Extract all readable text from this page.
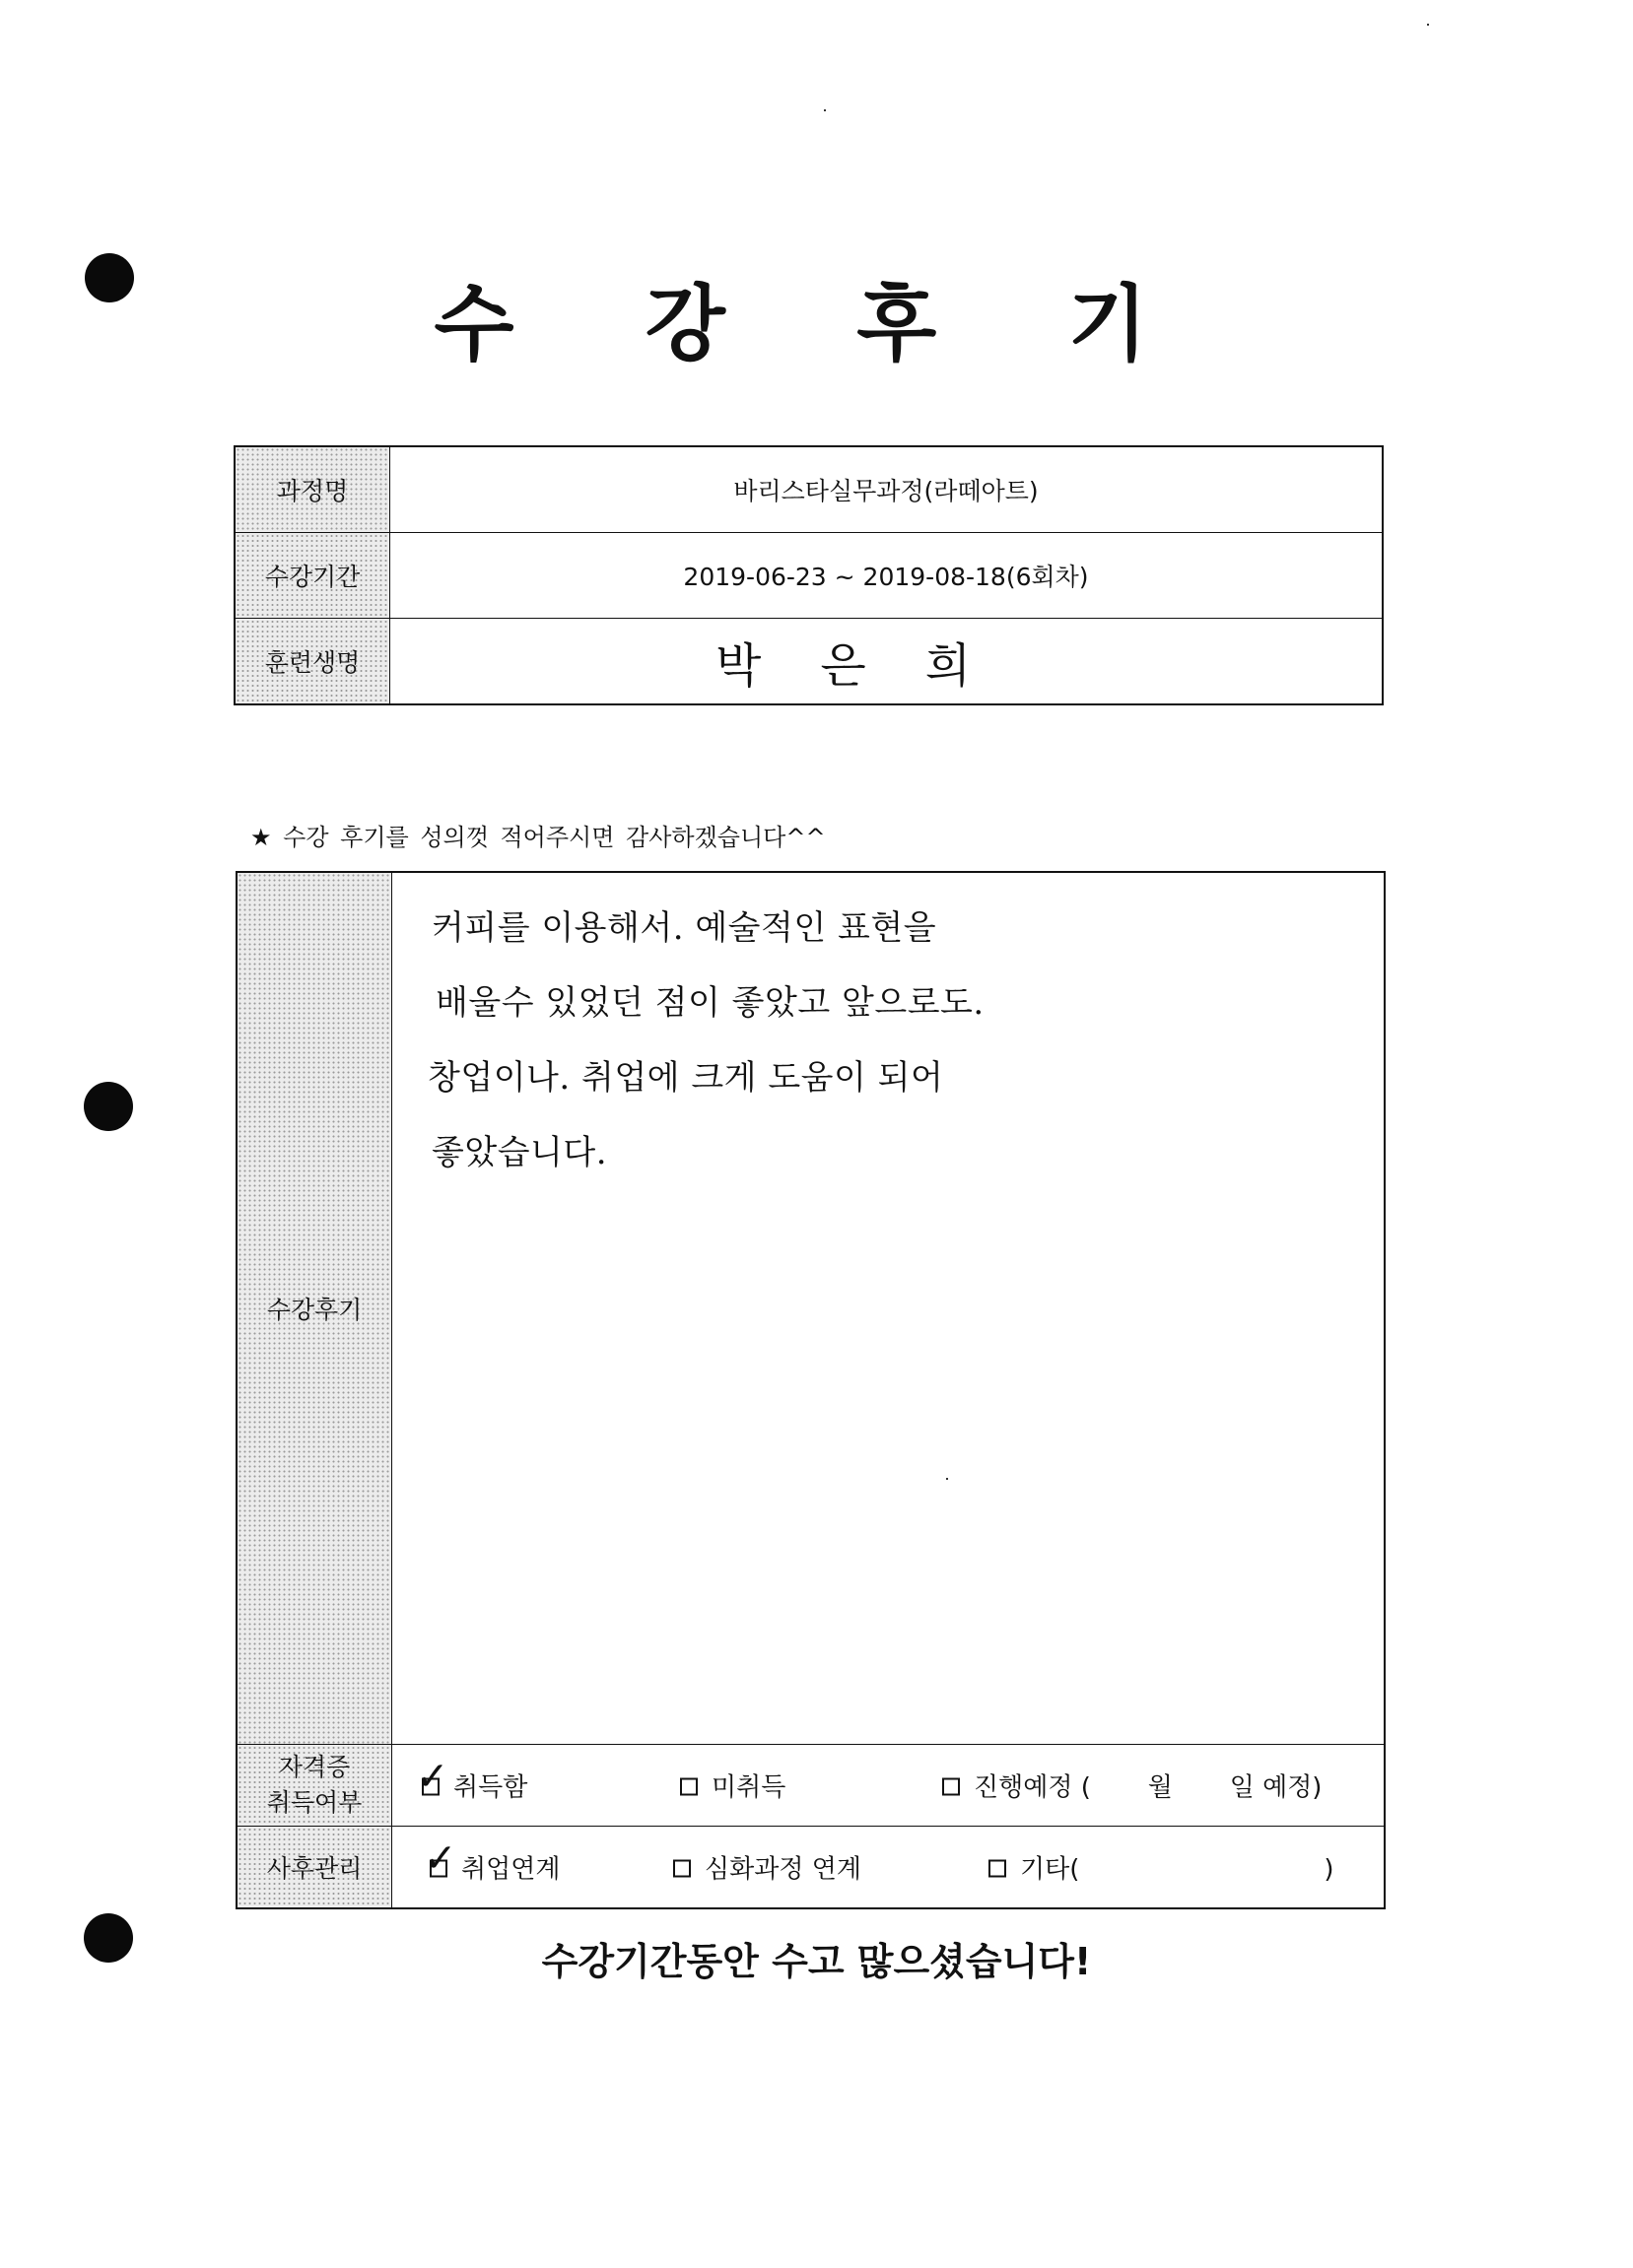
수 강 후 기
과정명	바리스타실무과정(라떼아트)
수강기간	2019-06-23 ~ 2019-08-18(6회차)
훈련생명	박은희

★ 수강 후기를 성의껏 적어주시면 감사하겠습니다^^

수강후기	커피를 이용해서. 예술적인 표현을
배울수 있었던 점이 좋았고 앞으로도.
창업이나. 취업에 크게 도움이 되어
좋았습니다.

자격증
취득여부	✓ 취득함 미취득 진행예정 (       월       일 예정)

사후관리	✓ 취업연계 심화과정 연계 기타(                              )

수강기간동안 수고 많으셨습니다!
